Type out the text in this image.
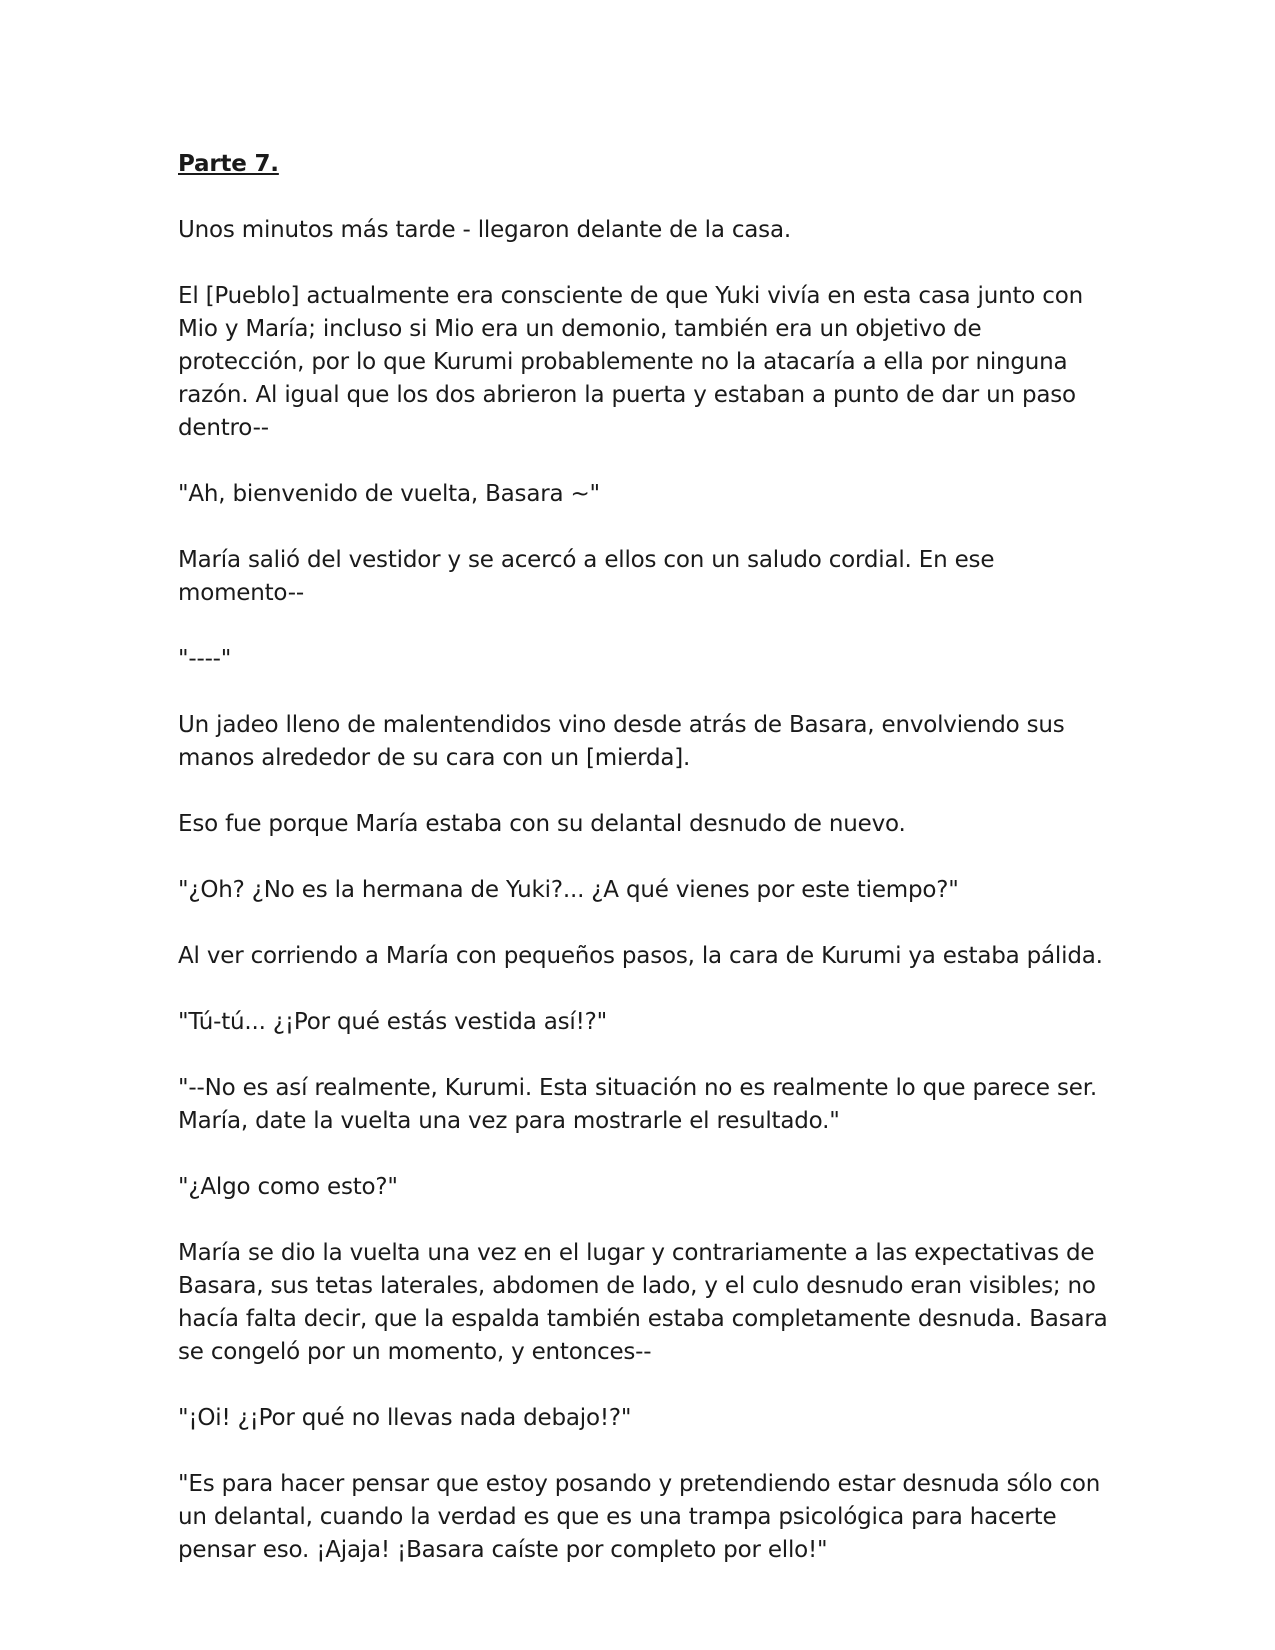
Parte 7.

Unos minutos más tarde - llegaron delante de la casa.

El [Pueblo] actualmente era consciente de que Yuki vivía en esta casa junto con Mio y María; incluso si Mio era un demonio, también era un objetivo de protección, por lo que Kurumi probablemente no la atacaría a ella por ninguna razón. Al igual que los dos abrieron la puerta y estaban a punto de dar un paso dentro--

"Ah, bienvenido de vuelta, Basara ~"

María salió del vestidor y se acercó a ellos con un saludo cordial. En ese momento--

"----"

Un jadeo lleno de malentendidos vino desde atrás de Basara, envolviendo sus manos alrededor de su cara con un [mierda].

Eso fue porque María estaba con su delantal desnudo de nuevo.

"¿Oh? ¿No es la hermana de Yuki?... ¿A qué vienes por este tiempo?"

Al ver corriendo a María con pequeños pasos, la cara de Kurumi ya estaba pálida.

"Tú-tú... ¿¡Por qué estás vestida así!?"

"--No es así realmente, Kurumi. Esta situación no es realmente lo que parece ser. María, date la vuelta una vez para mostrarle el resultado."

"¿Algo como esto?"

María se dio la vuelta una vez en el lugar y contrariamente a las expectativas de Basara, sus tetas laterales, abdomen de lado, y el culo desnudo eran visibles; no hacía falta decir, que la espalda también estaba completamente desnuda. Basara se congeló por un momento, y entonces--

"¡Oi! ¿¡Por qué no llevas nada debajo!?"

"Es para hacer pensar que estoy posando y pretendiendo estar desnuda sólo con un delantal, cuando la verdad es que es una trampa psicológica para hacerte pensar eso. ¡Ajaja! ¡Basara caíste por completo por ello!"
